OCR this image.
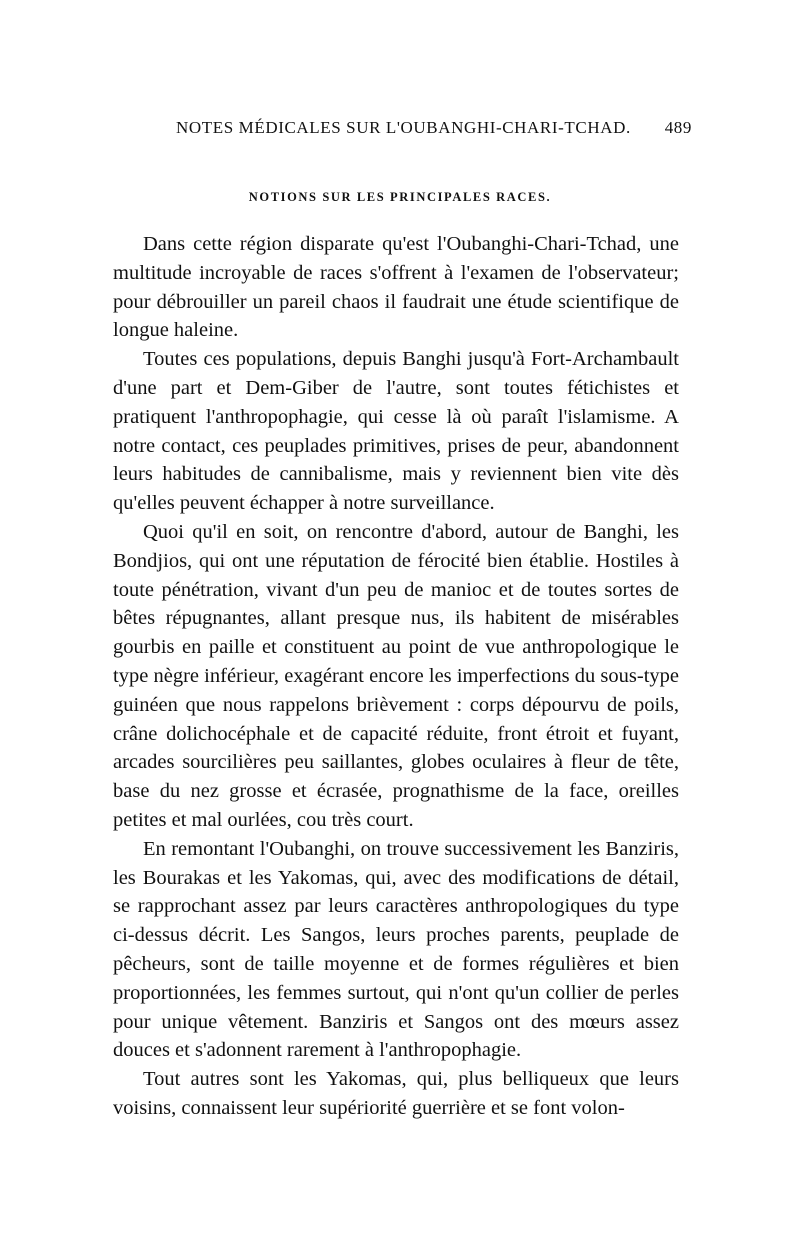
NOTES MÉDICALES SUR L'OUBANGHI-CHARI-TCHAD. 489
NOTIONS SUR LES PRINCIPALES RACES.

Dans cette région disparate qu'est l'Oubanghi-Chari-Tchad, une multitude incroyable de races s'offrent à l'examen de l'observateur; pour débrouiller un pareil chaos il faudrait une étude scientifique de longue haleine.

Toutes ces populations, depuis Banghi jusqu'à Fort-Archambault d'une part et Dem-Giber de l'autre, sont toutes fétichistes et pratiquent l'anthropophagie, qui cesse là où paraît l'islamisme. A notre contact, ces peuplades primitives, prises de peur, abandonnent leurs habitudes de cannibalisme, mais y reviennent bien vite dès qu'elles peuvent échapper à notre surveillance.

Quoi qu'il en soit, on rencontre d'abord, autour de Banghi, les Bondjios, qui ont une réputation de férocité bien établie. Hostiles à toute pénétration, vivant d'un peu de manioc et de toutes sortes de bêtes répugnantes, allant presque nus, ils habitent de misérables gourbis en paille et constituent au point de vue anthropologique le type nègre inférieur, exagérant encore les imperfections du sous-type guinéen que nous rappelons brièvement : corps dépourvu de poils, crâne dolichocéphale et de capacité réduite, front étroit et fuyant, arcades sourcilières peu saillantes, globes oculaires à fleur de tête, base du nez grosse et écrasée, prognathisme de la face, oreilles petites et mal ourlées, cou très court.

En remontant l'Oubanghi, on trouve successivement les Banziris, les Bourakas et les Yakomas, qui, avec des modifications de détail, se rapprochant assez par leurs caractères anthropologiques du type ci-dessus décrit. Les Sangos, leurs proches parents, peuplade de pêcheurs, sont de taille moyenne et de formes régulières et bien proportionnées, les femmes surtout, qui n'ont qu'un collier de perles pour unique vêtement. Banziris et Sangos ont des mœurs assez douces et s'adonnent rarement à l'anthropophagie.

Tout autres sont les Yakomas, qui, plus belliqueux que leurs voisins, connaissent leur supériorité guerrière et se font volon-
